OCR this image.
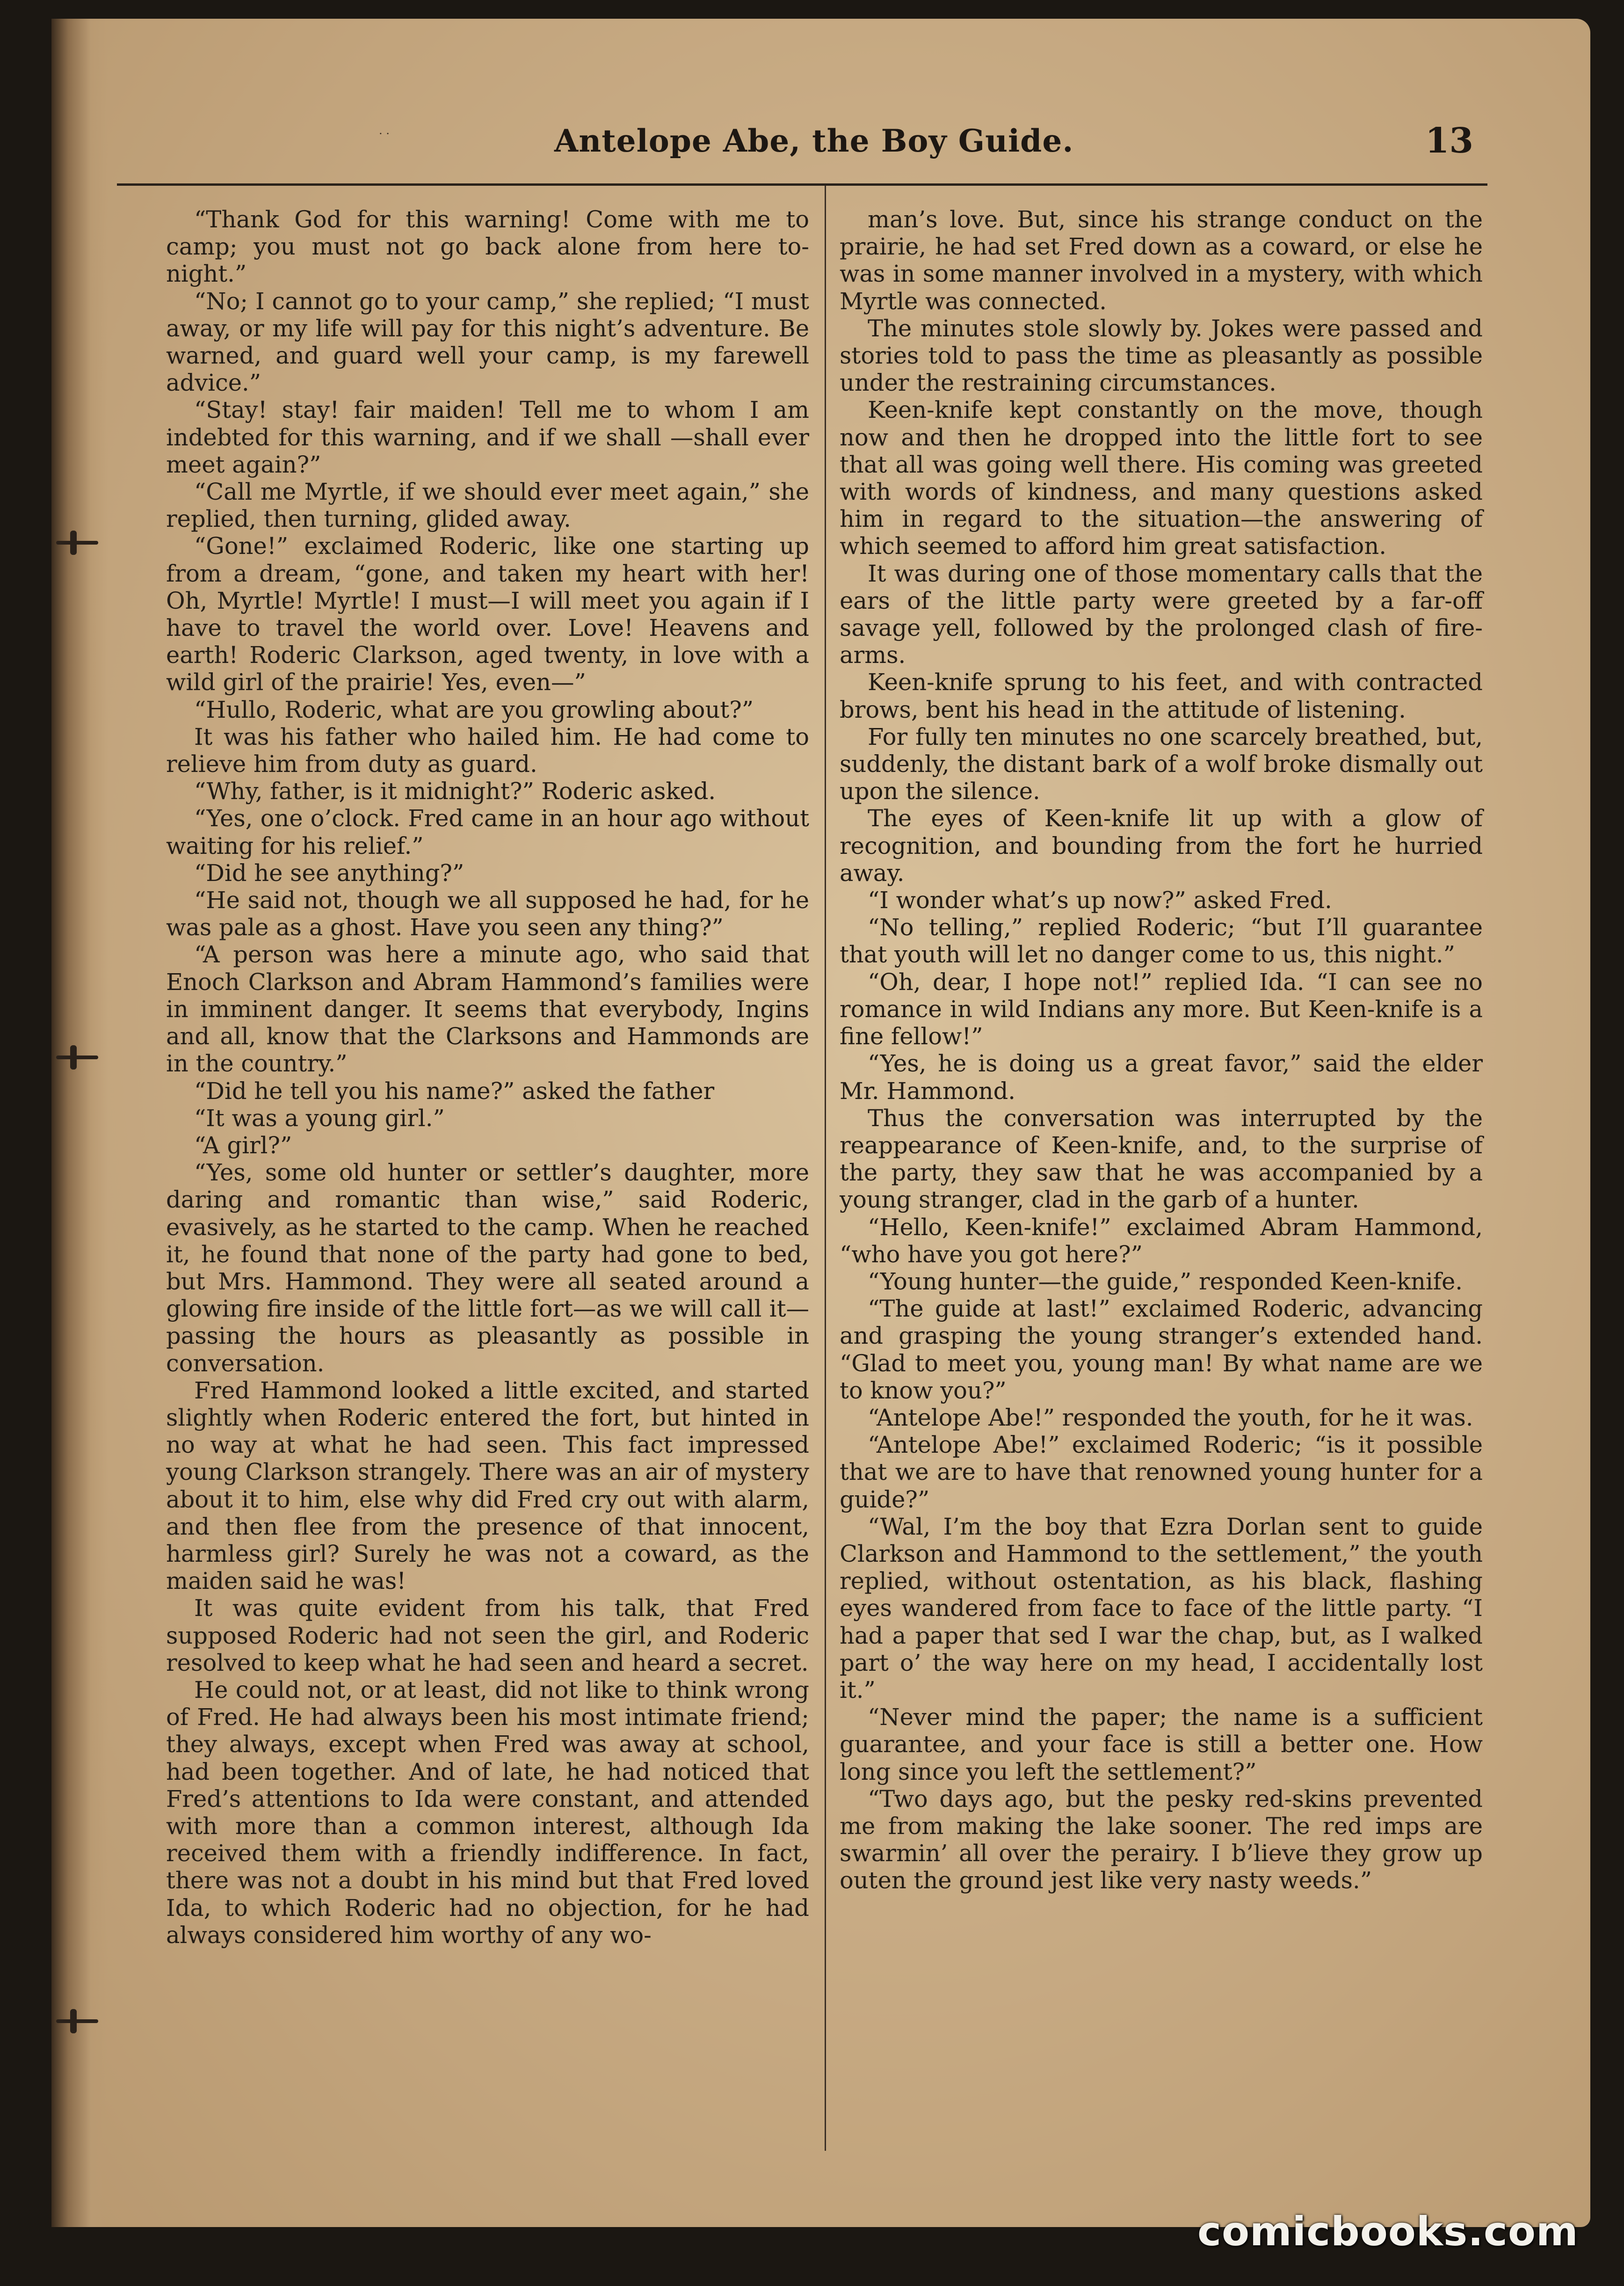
· ·	Antelope Abe, the Boy Guide.	13

“Thank God for this warning! Come with me to camp; you must not go back alone from here to-night.”

“No; I cannot go to your camp,” she replied; “I must away, or my life will pay for this night’s adventure. Be warned, and guard well your camp, is my farewell advice.”

“Stay! stay! fair maiden! Tell me to whom I am indebted for this warning, and if we shall —shall ever meet again?”

“Call me Myrtle, if we should ever meet again,” she replied, then turning, glided away.

“Gone!” exclaimed Roderic, like one starting up from a dream, “gone, and taken my heart with her! Oh, Myrtle! Myrtle! I must—I will meet you again if I have to travel the world over. Love! Heavens and earth! Roderic Clarkson, aged twenty, in love with a wild girl of the prairie! Yes, even—”

“Hullo, Roderic, what are you growling about?”

It was his father who hailed him. He had come to relieve him from duty as guard.

“Why, father, is it midnight?” Roderic asked.

“Yes, one o’clock. Fred came in an hour ago without waiting for his relief.”

“Did he see anything?”

“He said not, though we all supposed he had, for he was pale as a ghost. Have you seen any thing?”

“A person was here a minute ago, who said that Enoch Clarkson and Abram Hammond’s families were in imminent danger. It seems that everybody, Ingins and all, know that the Clarksons and Hammonds are in the country.”

“Did he tell you his name?” asked the father

“It was a young girl.”

“A girl?”

“Yes, some old hunter or settler’s daughter, more daring and romantic than wise,” said Roderic, evasively, as he started to the camp. When he reached it, he found that none of the party had gone to bed, but Mrs. Hammond. They were all seated around a glowing fire inside of the little fort—as we will call it—passing the hours as pleasantly as possible in conversation.

Fred Hammond looked a little excited, and started slightly when Roderic entered the fort, but hinted in no way at what he had seen. This fact impressed young Clarkson strangely. There was an air of mystery about it to him, else why did Fred cry out with alarm, and then flee from the presence of that innocent, harmless girl? Surely he was not a coward, as the maiden said he was!

It was quite evident from his talk, that Fred supposed Roderic had not seen the girl, and Roderic resolved to keep what he had seen and heard a secret.

He could not, or at least, did not like to think wrong of Fred. He had always been his most intimate friend; they always, except when Fred was away at school, had been together. And of late, he had noticed that Fred’s attentions to Ida were constant, and attended with more than a common interest, although Ida received them with a friendly indifference. In fact, there was not a doubt in his mind but that Fred loved Ida, to which Roderic had no objection, for he had always considered him worthy of any wo-

man’s love. But, since his strange conduct on the prairie, he had set Fred down as a coward, or else he was in some manner involved in a mystery, with which Myrtle was connected.

The minutes stole slowly by. Jokes were passed and stories told to pass the time as pleasantly as possible under the restraining circumstances.

Keen-knife kept constantly on the move, though now and then he dropped into the little fort to see that all was going well there. His coming was greeted with words of kindness, and many questions asked him in regard to the situation—the answering of which seemed to afford him great satisfaction.

It was during one of those momentary calls that the ears of the little party were greeted by a far-off savage yell, followed by the prolonged clash of fire-arms.

Keen-knife sprung to his feet, and with contracted brows, bent his head in the attitude of listening.

For fully ten minutes no one scarcely breathed, but, suddenly, the distant bark of a wolf broke dismally out upon the silence.

The eyes of Keen-knife lit up with a glow of recognition, and bounding from the fort he hurried away.

“I wonder what’s up now?” asked Fred.

“No telling,” replied Roderic; “but I’ll guarantee that youth will let no danger come to us, this night.”

“Oh, dear, I hope not!” replied Ida. “I can see no romance in wild Indians any more. But Keen-knife is a fine fellow!”

“Yes, he is doing us a great favor,” said the elder Mr. Hammond.

Thus the conversation was interrupted by the reappearance of Keen-knife, and, to the surprise of the party, they saw that he was accompanied by a young stranger, clad in the garb of a hunter.

“Hello, Keen-knife!” exclaimed Abram Hammond, “who have you got here?”

“Young hunter—the guide,” responded Keen-knife.

“The guide at last!” exclaimed Roderic, advancing and grasping the young stranger’s extended hand. “Glad to meet you, young man! By what name are we to know you?”

“Antelope Abe!” responded the youth, for he it was.

“Antelope Abe!” exclaimed Roderic; “is it possible that we are to have that renowned young hunter for a guide?”

“Wal, I’m the boy that Ezra Dorlan sent to guide Clarkson and Hammond to the settlement,” the youth replied, without ostentation, as his black, flashing eyes wandered from face to face of the little party. “I had a paper that sed I war the chap, but, as I walked part o’ the way here on my head, I accidentally lost it.”

“Never mind the paper; the name is a sufficient guarantee, and your face is still a better one. How long since you left the settlement?”

“Two days ago, but the pesky red-skins prevented me from making the lake sooner. The red imps are swarmin’ all over the perairy. I b’lieve they grow up outen the ground jest like very nasty weeds.”

comicbooks.com
